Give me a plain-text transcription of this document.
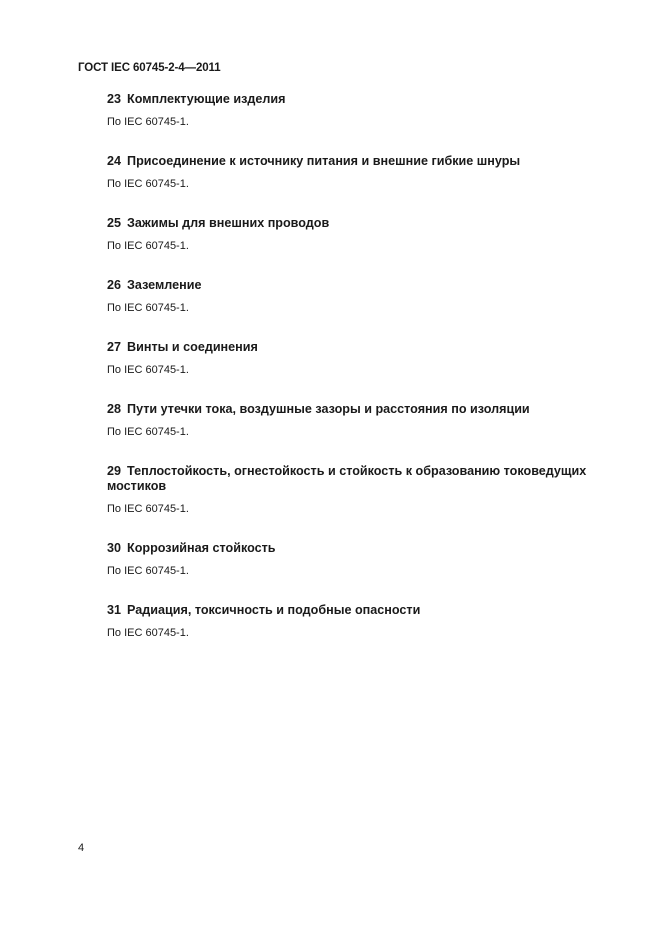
ГОСТ IEC 60745-2-4—2011

23 Комплектующие изделия

По IEC 60745-1.

24 Присоединение к источнику питания и внешние гибкие шнуры

По IEC 60745-1.

25 Зажимы для внешних проводов

По IEC 60745-1.

26 Заземление

По IEC 60745-1.

27 Винты и соединения

По IEC 60745-1.

28 Пути утечки тока, воздушные зазоры и расстояния по изоляции

По IEC 60745-1.

29 Теплостойкость, огнестойкость и стойкость к образованию токоведущих мостиков

По IEC 60745-1.

30 Коррозийная стойкость

По IEC 60745-1.

31 Радиация, токсичность и подобные опасности

По IEC 60745-1.

4
